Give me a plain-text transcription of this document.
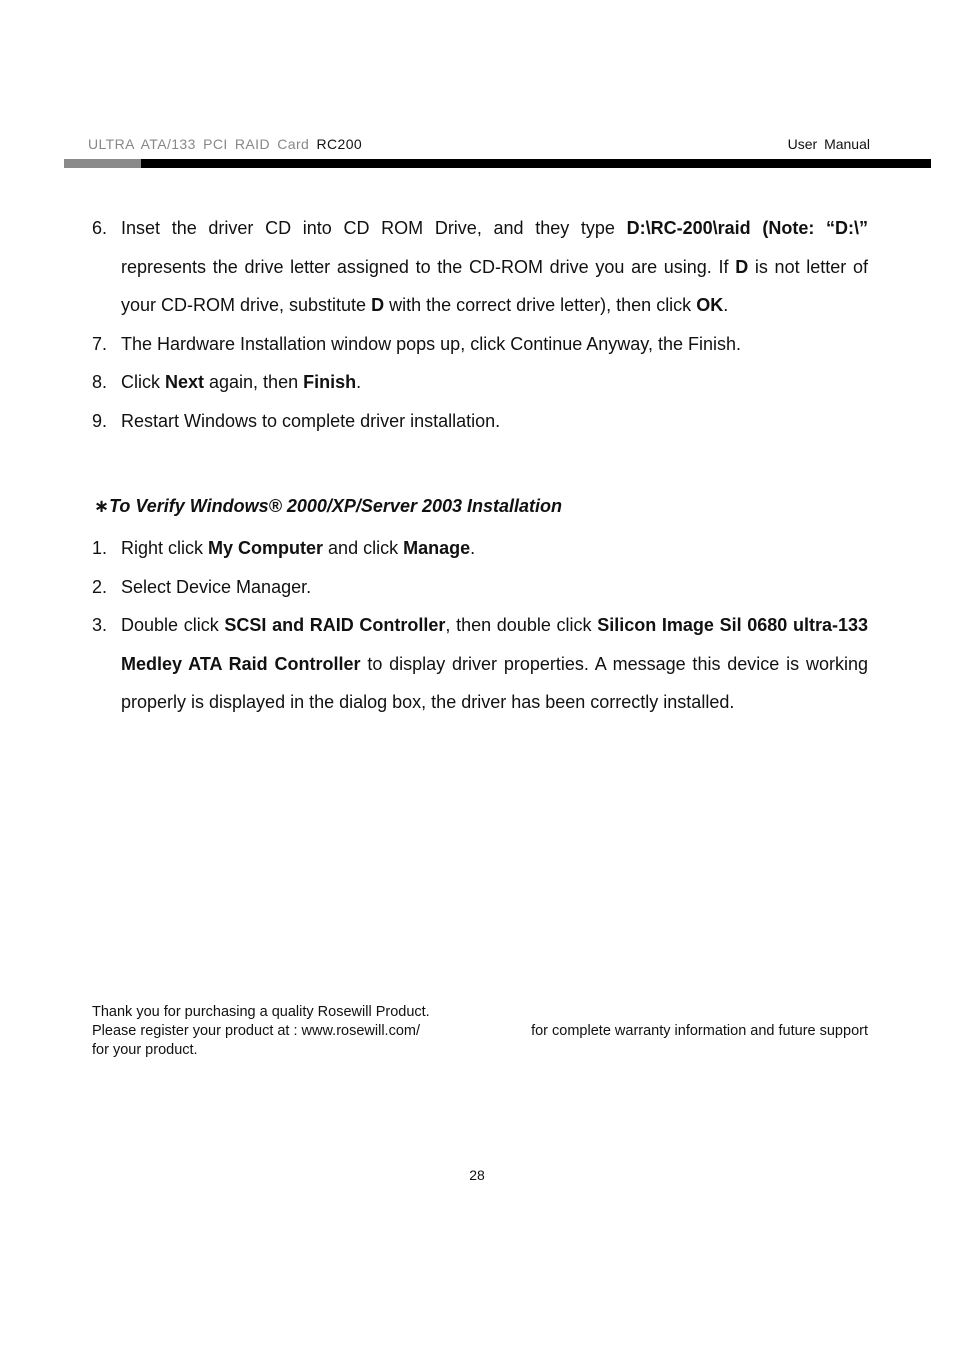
ULTRA ATA/133 PCI RAID Card RC200	User Manual
6. Inset the driver CD into CD ROM Drive, and they type D:\RC-200\raid (Note: “D:\” represents the drive letter assigned to the CD-ROM drive you are using. If D is not letter of your CD-ROM drive, substitute D with the correct drive letter), then click OK.
7. The Hardware Installation window pops up, click Continue Anyway, the Finish.
8. Click Next again, then Finish.
9. Restart Windows to complete driver installation.
∗To Verify Windows® 2000/XP/Server 2003 Installation
1. Right click My Computer and click Manage.
2. Select Device Manager.
3. Double click SCSI and RAID Controller, then double click Silicon Image Sil 0680 ultra-133 Medley ATA Raid Controller to display driver properties. A message this device is working properly is displayed in the dialog box, the driver has been correctly installed.
Thank you for purchasing a quality Rosewill Product.
Please register your product at : www.rosewill.com/	for complete warranty information and future support
for your product.
28
